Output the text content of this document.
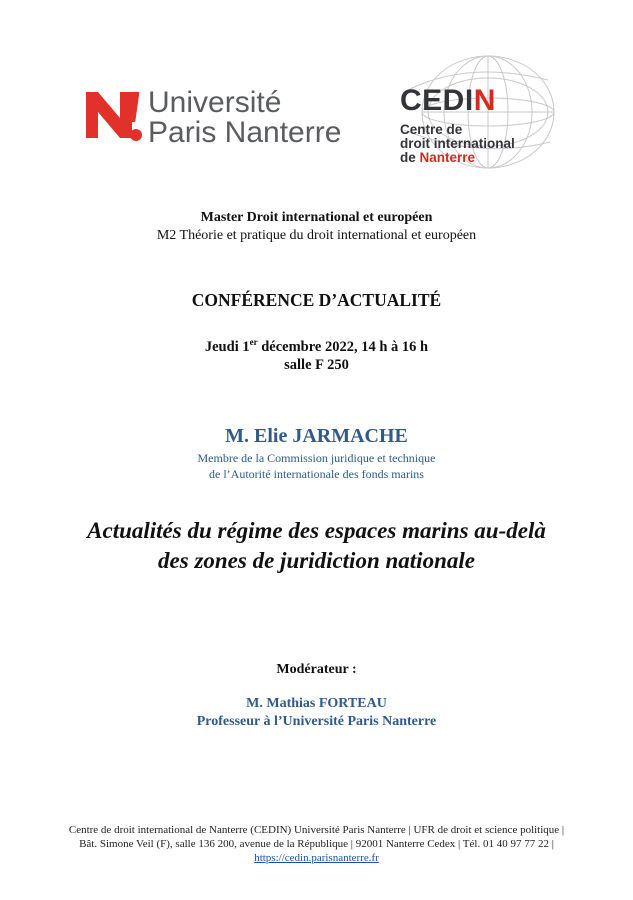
Université
Paris Nanterre
CEDIN
Centre de
droit international
de Nanterre
Master Droit international et européen
M2 Théorie et pratique du droit international et européen
CONFÉRENCE D’ACTUALITÉ
Jeudi 1er décembre 2022, 14 h à 16 h
salle F 250
M. Elie JARMACHE
Membre de la Commission juridique et technique
de l’Autorité internationale des fonds marins
Actualités du régime des espaces marins au-delà
des zones de juridiction nationale
Modérateur :
M. Mathias FORTEAU
Professeur à l’Université Paris Nanterre
Centre de droit international de Nanterre (CEDIN) Université Paris Nanterre | UFR de droit et science politique |
Bât. Simone Veil (F), salle 136 200, avenue de la République | 92001 Nanterre Cedex | Tél. 01 40 97 77 22 |
https://cedin.parisnanterre.fr
